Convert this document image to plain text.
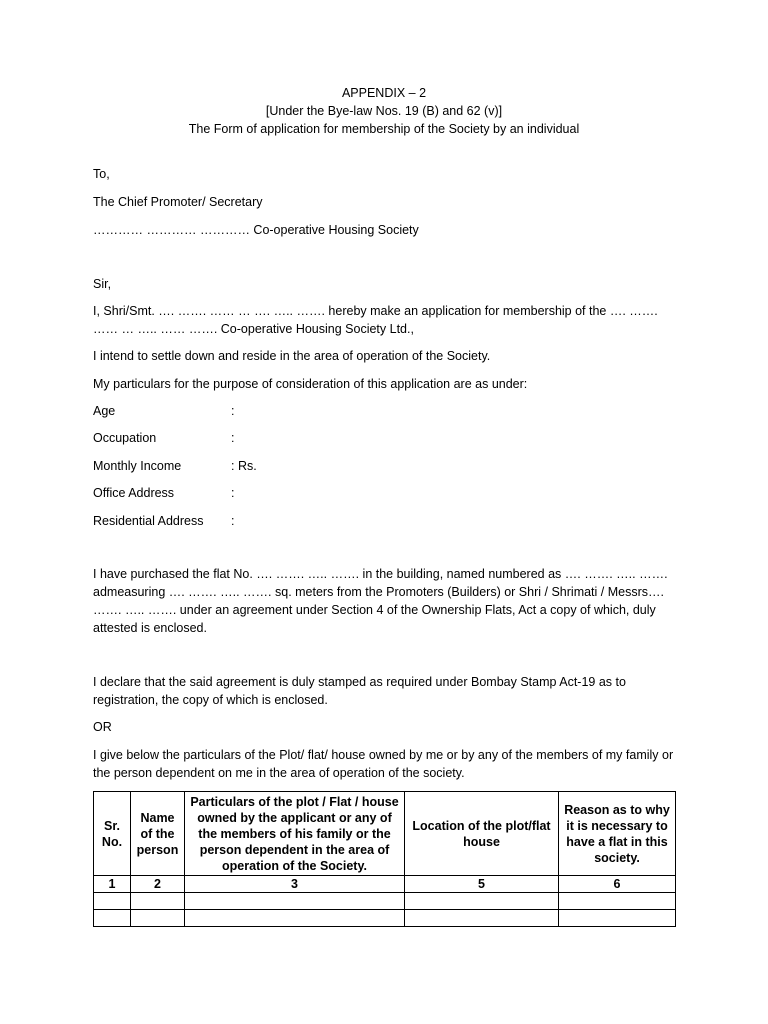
APPENDIX – 2
[Under the Bye-law Nos. 19 (B) and 62 (v)]
The Form of application for membership of the Society by an individual
To,
The Chief Promoter/ Secretary
………… ………… ………… Co-operative Housing Society
Sir,
I, Shri/Smt. …. ……. …… … …. ….. ……. hereby make an application for membership of the …. ……. …… … ….. …… ……. Co-operative Housing Society Ltd.,
I intend to settle down and reside in the area of operation of the Society.
My particulars for the purpose of consideration of this application are as under:
Age	:
Occupation	:
Monthly Income	: Rs.
Office Address	:
Residential Address :
I have purchased the flat No. …. ……. ….. ……. in the building, named numbered as …. ……. ….. ……. admeasuring …. ……. ….. ……. sq. meters from the Promoters (Builders) or Shri / Shrimati / Messrs…. ……. ….. ……. under an agreement under Section 4 of the Ownership Flats, Act a copy of which, duly attested is enclosed.
I declare that the said agreement is duly stamped as required under Bombay Stamp Act-19 as to registration, the copy of which is enclosed.
OR
I give below the particulars of the Plot/ flat/ house owned by me or by any of the members of my family or the person dependent on me in the area of operation of the society.
Sr. No.	Name of the person	Particulars of the plot / Flat / house owned by the applicant or any of the members of his family or the person dependent in the area of operation of the Society.	Location of the plot/flat house	Reason as to why it is necessary to have a flat in this society.
1	2	3	5	6
